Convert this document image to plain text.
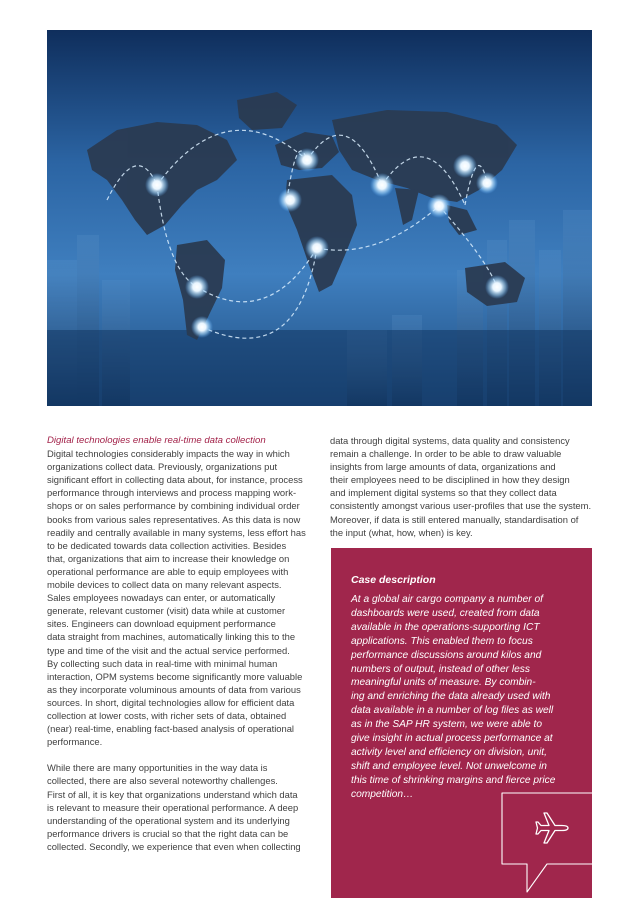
Digital technologies enable real-time data collection

Digital technologies considerably impacts the way in which

organizations collect data. Previously, organizations put

significant effort in collecting data about, for instance, process

performance through interviews and process mapping work-

shops or on sales performance by combining individual order

books from various sales representatives. As this data is now

readily and centrally available in many systems, less effort has

to be dedicated towards data collection activities. Besides

that, organizations that aim to increase their knowledge on

operational performance are able to equip employees with

mobile devices to collect data on many relevant aspects.

Sales employees nowadays can enter, or automatically

generate, relevant customer (visit) data while at customer

sites. Engineers can download equipment performance

data straight from machines, automatically linking this to the

type and time of the visit and the actual service performed.

By collecting such data in real-time with minimal human

interaction, OPM systems become significantly more valuable

as they incorporate voluminous amounts of data from various

sources. In short, digital technologies allow for efficient data

collection at lower costs, with richer sets of data, obtained

(near) real-time, enabling fact-based analysis of operational

performance.

While there are many opportunities in the way data is

collected, there are also several noteworthy challenges.

First of all, it is key that organizations understand which data

is relevant to measure their operational performance. A deep

understanding of the operational system and its underlying

performance drivers is crucial so that the right data can be

collected. Secondly, we experience that even when collecting

data through digital systems, data quality and consistency

remain a challenge. In order to be able to draw valuable

insights from large amounts of data, organizations and

their employees need to be disciplined in how they design

and implement digital systems so that they collect data

consistently amongst various user-profiles that use the system.

Moreover, if data is still entered manually, standardisation of

the input (what, how, when) is key.

Case description

At a global air cargo company a number of

dashboards were used, created from data

available in the operations-supporting ICT

applications. This enabled them to focus

performance discussions around kilos and

numbers of output, instead of other less

meaningful units of measure. By combin-

ing and enriching the data already used with

data available in a number of log files as well

as in the SAP HR system, we were able to

give insight in actual process performance at

activity level and efficiency on division, unit,

shift and employee level. Not unwelcome in

this time of shrinking margins and fierce price

competition…
